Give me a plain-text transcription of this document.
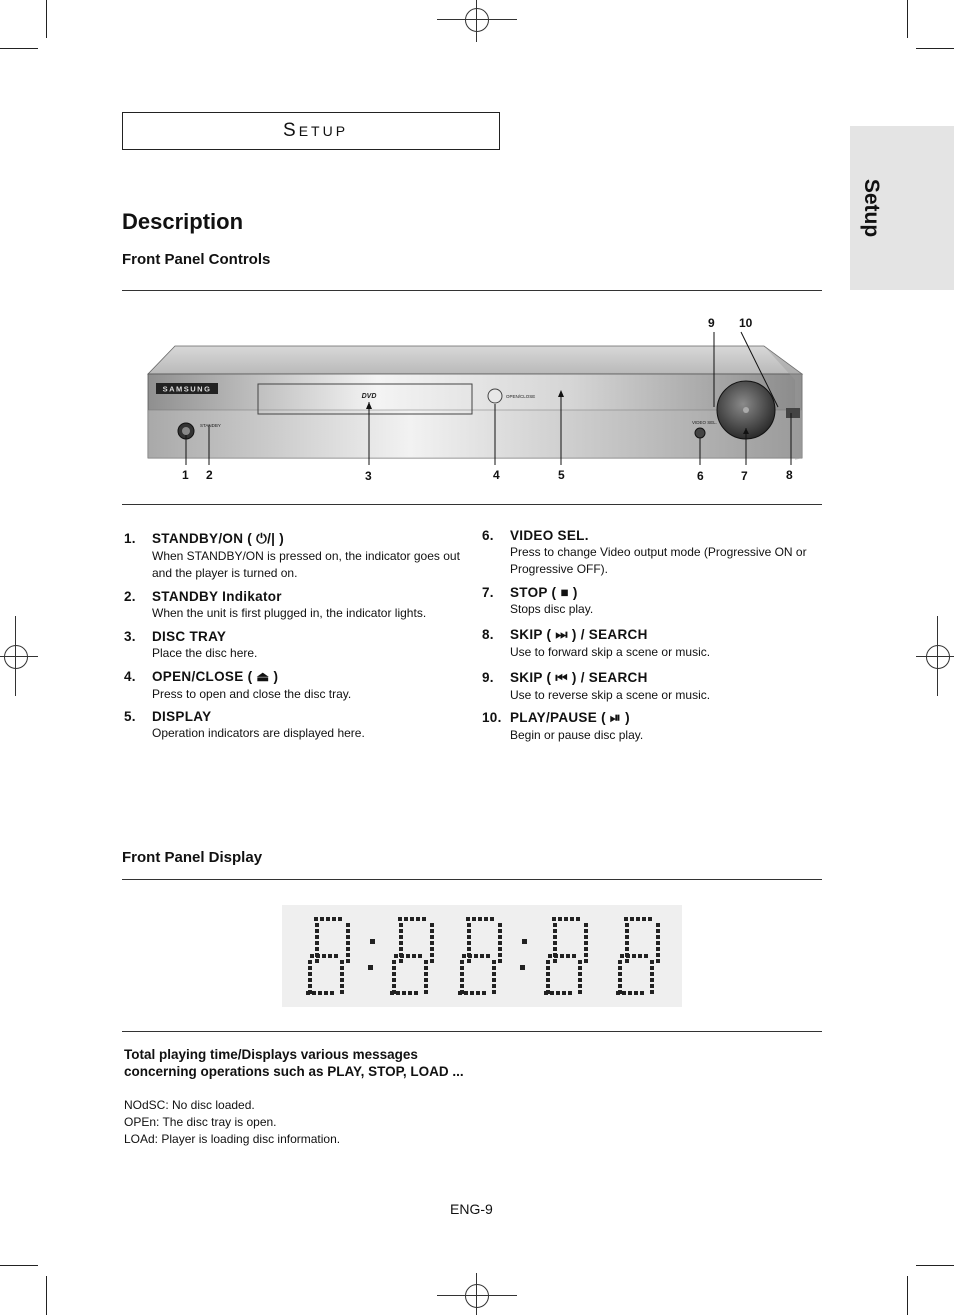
SETUP
Setup
Description
Front Panel Controls
SAMSUNG
DVD	OPEN/CLOSE
STANDBY
VIDEO SEL.
1 2	3	4	5	6	7	8
9 10
1. STANDBY/ON ( ⏻/| )
When STANDBY/ON is pressed on, the indicator goes out and the player is turned on.
2. STANDBY Indikator
When the unit is first plugged in, the indicator lights.
3. DISC TRAY
Place the disc here.
4. OPEN/CLOSE ( ⏏ )
Press to open and close the disc tray.
5. DISPLAY
Operation indicators are displayed here.
6. VIDEO SEL.
Press to change Video output mode (Progressive ON or Progressive OFF).
7. STOP ( ■ )
Stops disc play.
8. SKIP ( ⏭ ) / SEARCH
Use to forward skip a scene or music.
9. SKIP ( ⏮ ) / SEARCH
Use to reverse skip a scene or music.
10. PLAY/PAUSE ( ⏯ )
Begin or pause disc play.
Front Panel Display
Total playing time/Displays various messages concerning operations such as PLAY, STOP, LOAD ...
NOdSC: No disc loaded.
OPEn: The disc tray is open.
LOAd: Player is loading disc information.
ENG-9
